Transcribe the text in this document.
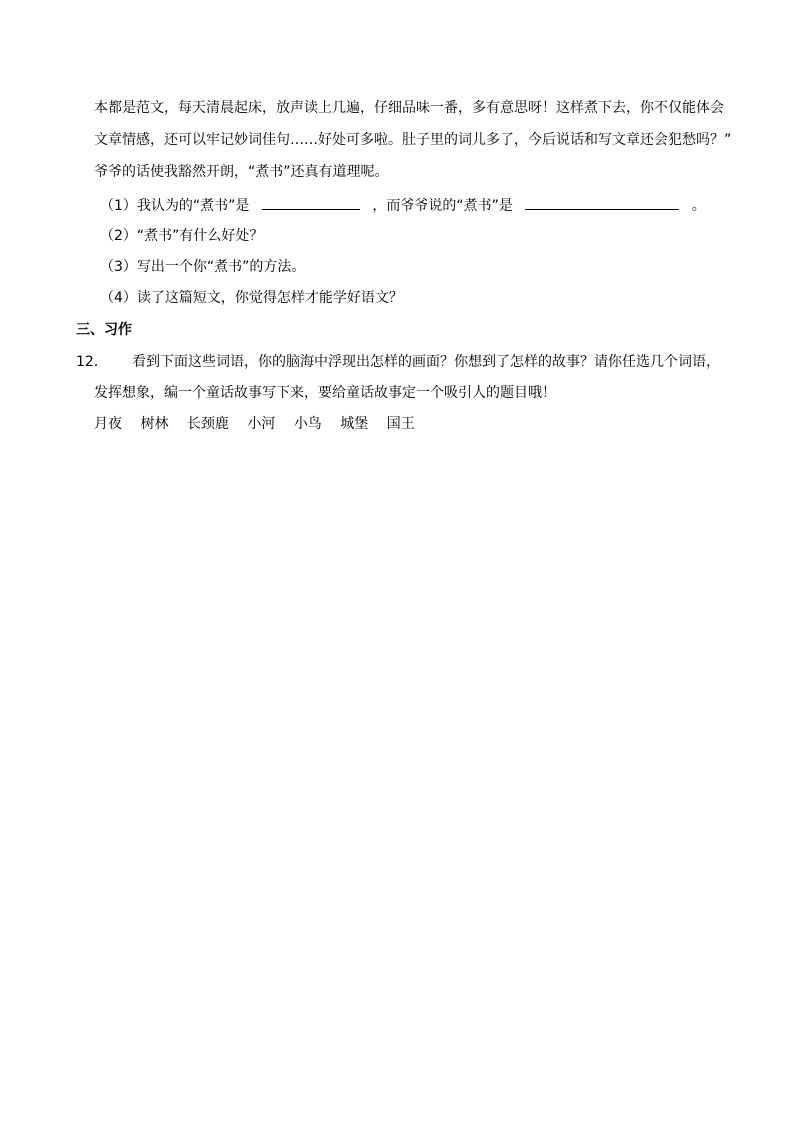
本都是范文，每天清晨起床，放声读上几遍，仔细品味一番，多有意思呀！这样煮下去，你不仅能体会
文章情感，还可以牢记妙词佳句……好处可多啦。肚子里的词儿多了，今后说话和写文章还会犯愁吗？”
爷爷的话使我豁然开朗，“煮书”还真有道理呢。
（1）我认为的“煮书”是	，而爷爷说的“煮书”是	。
（2）“煮书”有什么好处？
（3）写出一个你“煮书”的方法。
（4）读了这篇短文，你觉得怎样才能学好语文？
三、习作
12． 看到下面这些词语，你的脑海中浮现出怎样的画面？你想到了怎样的故事？请你任选几个词语，
发挥想象，编一个童话故事写下来，要给童话故事定一个吸引人的题目哦！
月夜 树林 长颈鹿 小河 小鸟 城堡 国王
